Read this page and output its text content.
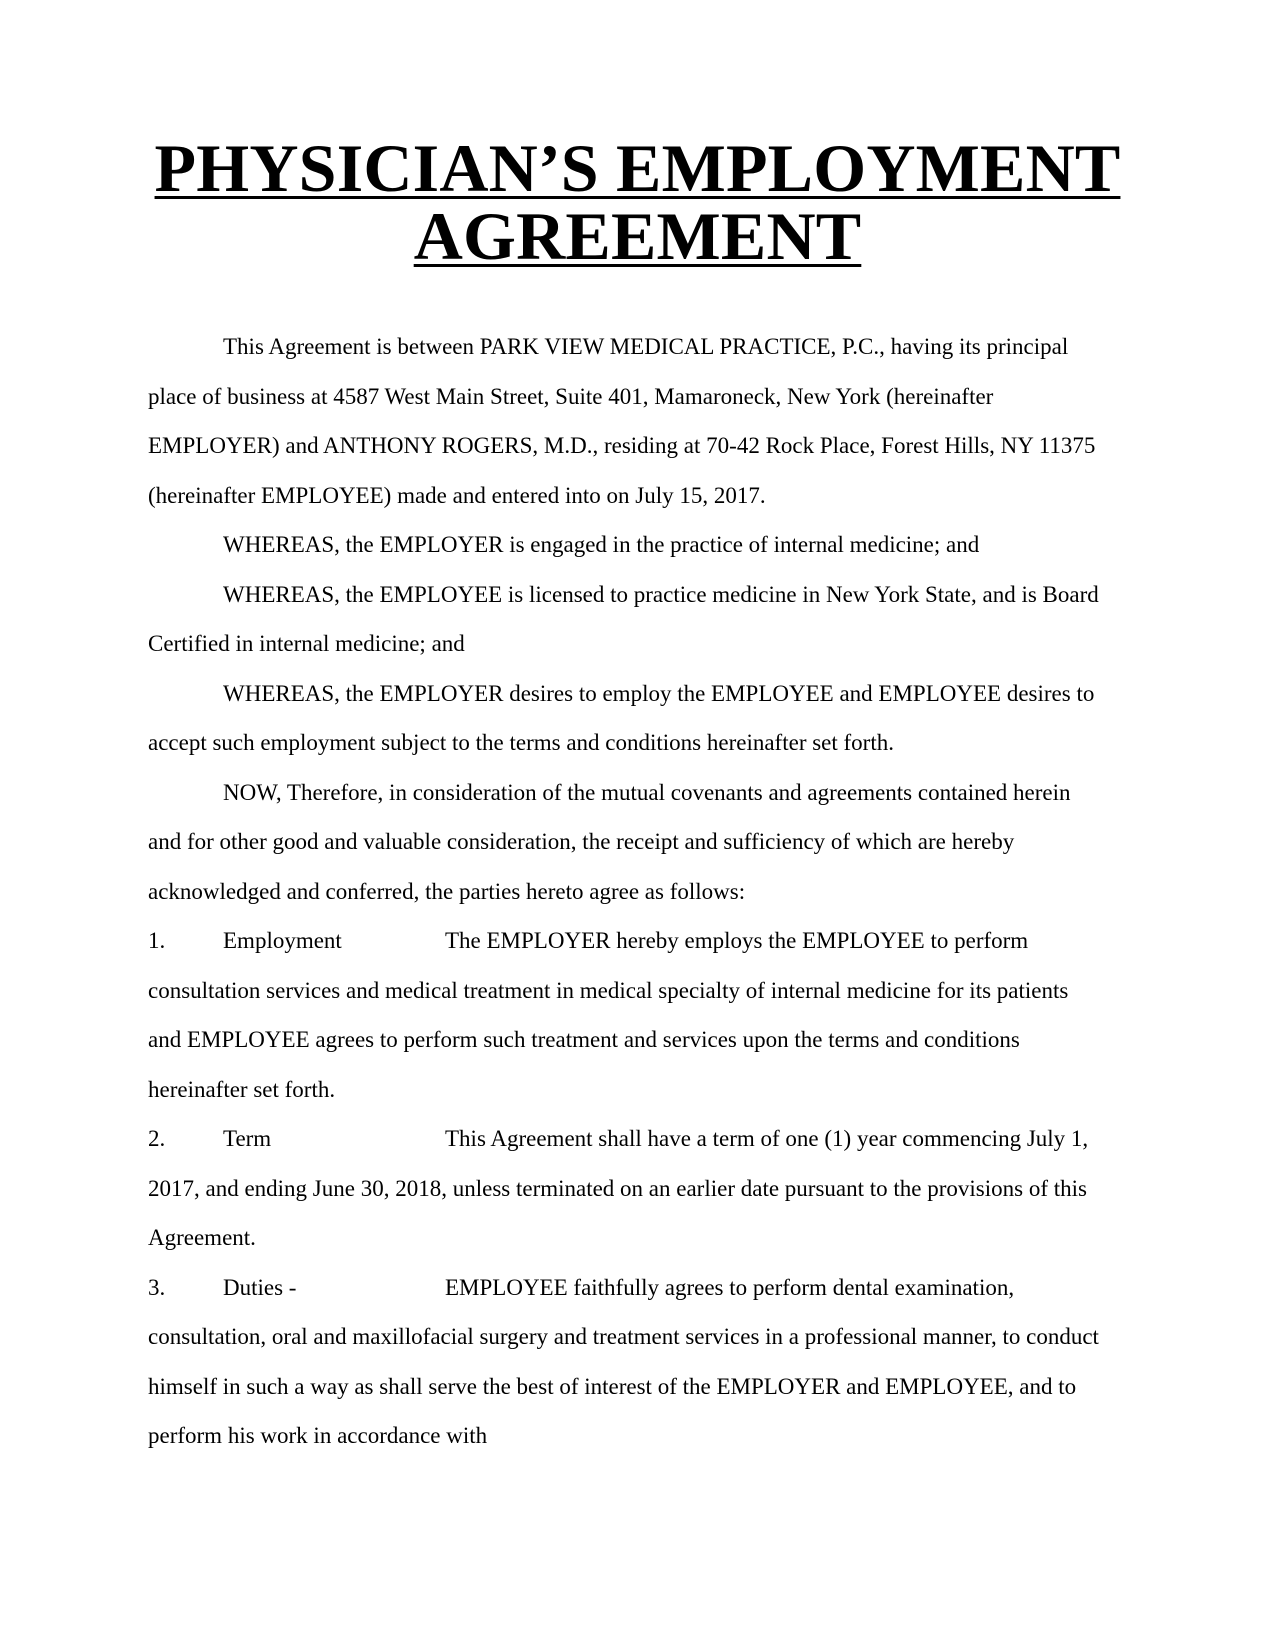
PHYSICIAN’S EMPLOYMENT
AGREEMENT

This Agreement is between PARK VIEW MEDICAL PRACTICE, P.C., having its principal
place of business at 4587 West Main Street, Suite 401, Mamaroneck, New York (hereinafter
EMPLOYER) and ANTHONY ROGERS, M.D., residing at 70-42 Rock Place, Forest Hills, NY 11375
(hereinafter EMPLOYEE) made and entered into on July 15, 2017.

WHEREAS, the EMPLOYER is engaged in the practice of internal medicine; and

WHEREAS, the EMPLOYEE is licensed to practice medicine in New York State, and is Board
Certified in internal medicine; and

WHEREAS, the EMPLOYER desires to employ the EMPLOYEE and EMPLOYEE desires to
accept such employment subject to the terms and conditions hereinafter set forth.

NOW, Therefore, in consideration of the mutual covenants and agreements contained herein
and for other good and valuable consideration, the receipt and sufficiency of which are hereby
acknowledged and conferred, the parties hereto agree as follows:

1.	Employment	The EMPLOYER hereby employs the EMPLOYEE to perform
consultation services and medical treatment in medical specialty of internal medicine for its patients
and EMPLOYEE agrees to perform such treatment and services upon the terms and conditions
hereinafter set forth.
2.	Term	This Agreement shall have a term of one (1) year commencing July 1,
2017, and ending June 30, 2018, unless terminated on an earlier date pursuant to the provisions of this
Agreement.
3.	Duties -	EMPLOYEE faithfully agrees to perform dental examination,
consultation, oral and maxillofacial surgery and treatment services in a professional manner, to conduct
himself in such a way as shall serve the best of interest of the EMPLOYER and EMPLOYEE, and to
perform his work in accordance with
